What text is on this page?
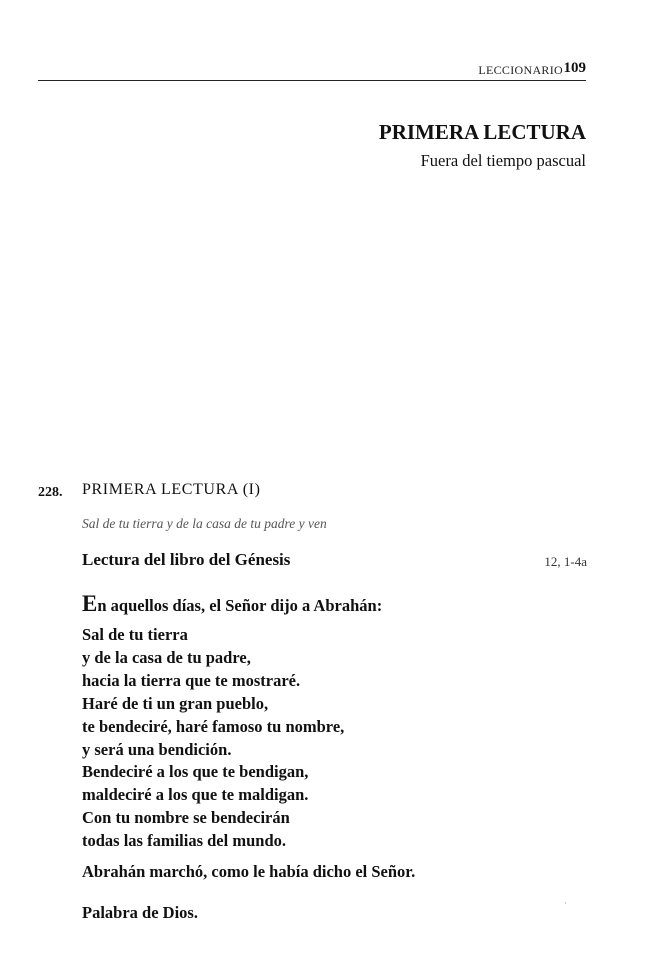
LECCIONARIO 109
PRIMERA LECTURA
Fuera del tiempo pascual
228. PRIMERA LECTURA (I)
Sal de tu tierra y de la casa de tu padre y ven
Lectura del libro del Génesis	12, 1-4a
En aquellos días, el Señor dijo a Abrahán:
Sal de tu tierra
y de la casa de tu padre,
hacia la tierra que te mostraré.
Haré de ti un gran pueblo,
te bendeciré, haré famoso tu nombre,
y será una bendición.
Bendeciré a los que te bendigan,
maldeciré a los que te maldigan.
Con tu nombre se bendecirán
todas las familias del mundo.
Abrahán marchó, como le había dicho el Señor.
Palabra de Dios.
·
